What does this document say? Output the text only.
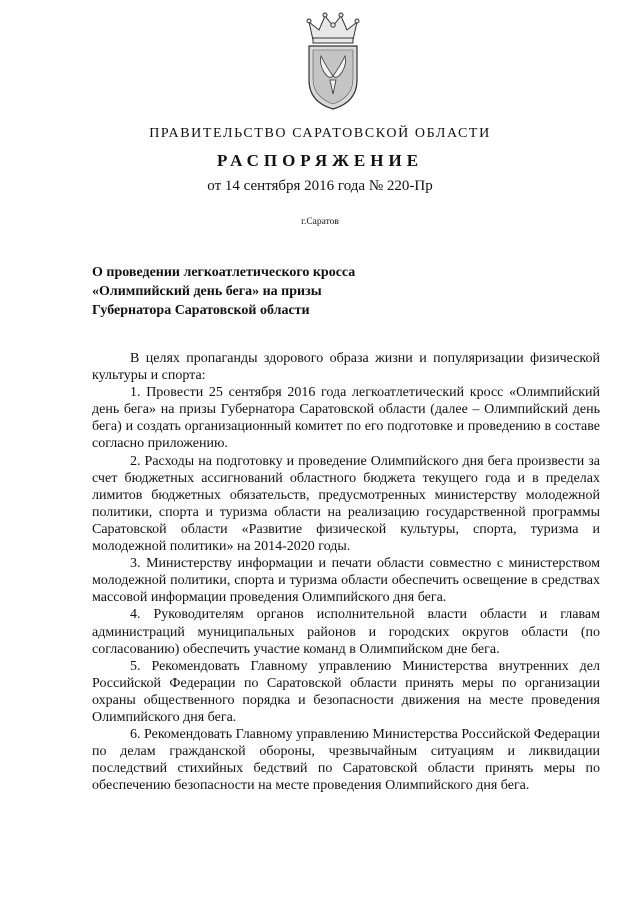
ПРАВИТЕЛЬСТВО САРАТОВСКОЙ ОБЛАСТИ
РАСПОРЯЖЕНИЕ
от 14 сентября 2016 года № 220-Пр
г.Саратов
О проведении легкоатлетического кросса
«Олимпийский день бега» на призы
Губернатора Саратовской области

В целях пропаганды здорового образа жизни и популяризации физической культуры и спорта:

1. Провести 25 сентября 2016 года легкоатлетический кросс «Олимпийский день бега» на призы Губернатора Саратовской области (далее – Олимпийский день бега) и создать организационный комитет по его подготовке и проведению в составе согласно приложению.

2. Расходы на подготовку и проведение Олимпийского дня бега произвести за счет бюджетных ассигнований областного бюджета текущего года и в пределах лимитов бюджетных обязательств, предусмотренных министерству молодежной политики, спорта и туризма области на реализацию государственной программы Саратовской области «Развитие физической культуры, спорта, туризма и молодежной политики» на 2014-2020 годы.

3. Министерству информации и печати области совместно с министерством молодежной политики, спорта и туризма области обеспечить освещение в средствах массовой информации проведения Олимпийского дня бега.

4. Руководителям органов исполнительной власти области и главам администраций муниципальных районов и городских округов области (по согласованию) обеспечить участие команд в Олимпийском дне бега.

5. Рекомендовать Главному управлению Министерства внутренних дел Российской Федерации по Саратовской области принять меры по организации охраны общественного порядка и безопасности движения на месте проведения Олимпийского дня бега.

6. Рекомендовать Главному управлению Министерства Российской Федерации по делам гражданской обороны, чрезвычайным ситуациям и ликвидации последствий стихийных бедствий по Саратовской области принять меры по обеспечению безопасности на месте проведения Олимпийского дня бега.
